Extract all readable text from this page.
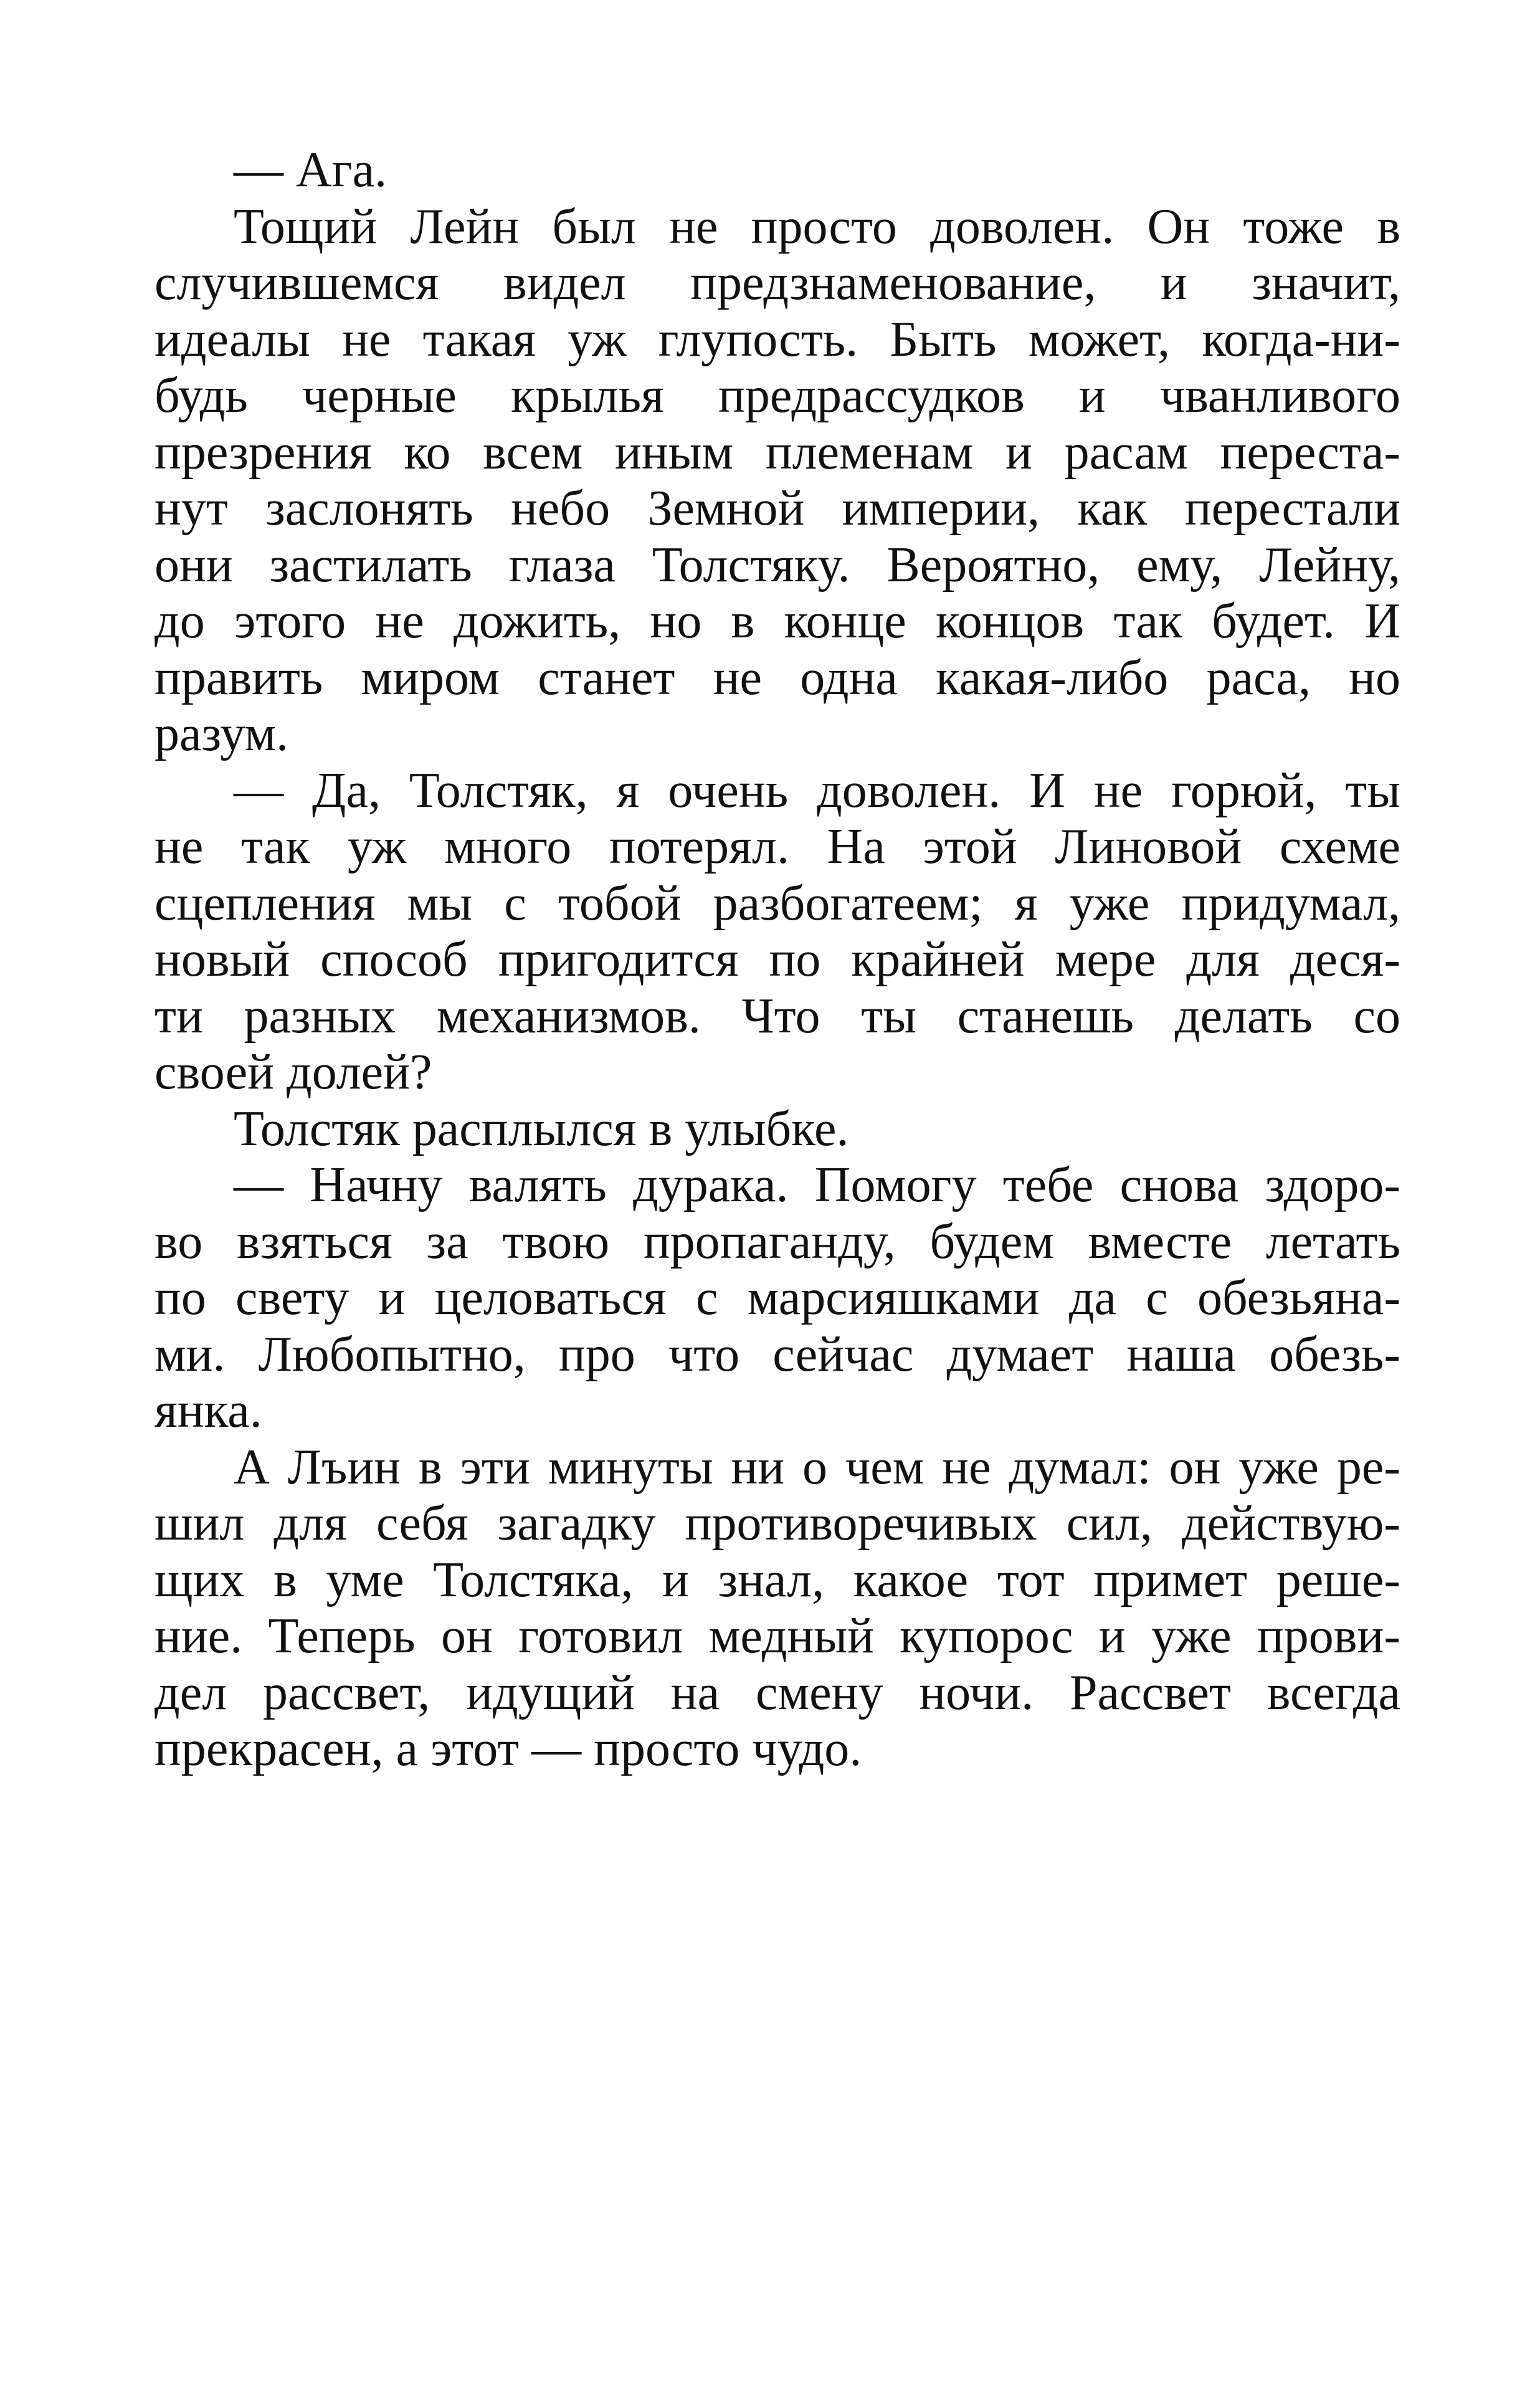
— Ага.
Тощий Лейн был не просто доволен. Он тоже в
случившемся видел предзнаменование, и значит,
идеалы не такая уж глупость. Быть может, когда-ни-
будь черные крылья предрассудков и чванливого
презрения ко всем иным племенам и расам переста-
нут заслонять небо Земной империи, как перестали
они застилать глаза Толстяку. Вероятно, ему, Лейну,
до этого не дожить, но в конце концов так будет. И
править миром станет не одна какая-либо раса, но
разум.
— Да, Толстяк, я очень доволен. И не горюй, ты
не так уж много потерял. На этой Линовой схеме
сцепления мы с тобой разбогатеем; я уже придумал,
новый способ пригодится по крайней мере для деся-
ти разных механизмов. Что ты станешь делать со
своей долей?
Толстяк расплылся в улыбке.
— Начну валять дурака. Помогу тебе снова здоро-
во взяться за твою пропаганду, будем вместе летать
по свету и целоваться с марсияшками да с обезьяна-
ми. Любопытно, про что сейчас думает наша обезь-
янка.
А Лъин в эти минуты ни о чем не думал: он уже ре-
шил для себя загадку противоречивых сил, действую-
щих в уме Толстяка, и знал, какое тот примет реше-
ние. Теперь он готовил медный купорос и уже прови-
дел рассвет, идущий на смену ночи. Рассвет всегда
прекрасен, а этот — просто чудо.
